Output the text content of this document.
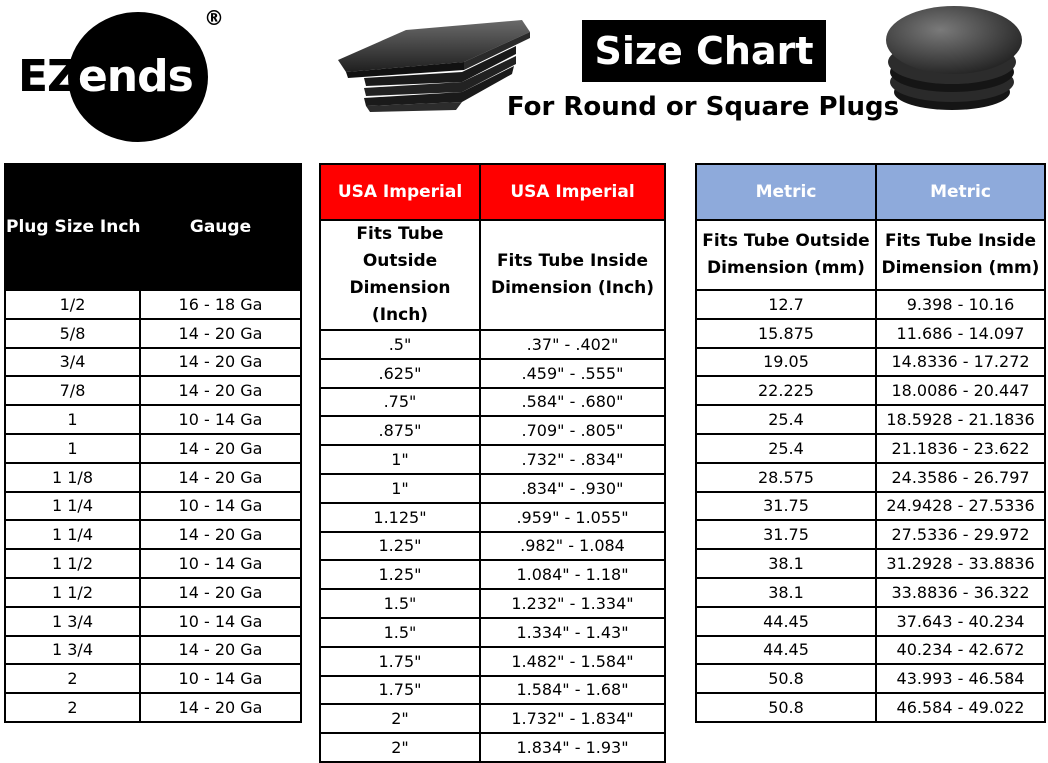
EZends
®
Size Chart
For Round or Square Plugs
Plug Size Inch	Gauge
1/2	16 - 18 Ga
5/8	14 - 20 Ga
3/4	14 - 20 Ga
7/8	14 - 20 Ga
1	10 - 14 Ga
1	14 - 20 Ga
1 1/8	14 - 20 Ga
1 1/4	10 - 14 Ga
1 1/4	14 - 20 Ga
1 1/2	10 - 14 Ga
1 1/2	14 - 20 Ga
1 3/4	10 - 14 Ga
1 3/4	14 - 20 Ga
2	10 - 14 Ga
2	14 - 20 Ga
USA Imperial	USA Imperial
Fits Tube Outside Dimension (Inch)	Fits Tube Inside Dimension (Inch)
.5"	.37" - .402"
.625"	.459" - .555"
.75"	.584" - .680"
.875"	.709" - .805"
1"	.732" - .834"
1"	.834" - .930"
1.125"	.959" - 1.055"
1.25"	.982" - 1.084
1.25"	1.084" - 1.18"
1.5"	1.232" - 1.334"
1.5"	1.334" - 1.43"
1.75"	1.482" - 1.584"
1.75"	1.584" - 1.68"
2"	1.732" - 1.834"
2"	1.834" - 1.93"
Metric	Metric
Fits Tube Outside Dimension (mm)	Fits Tube Inside Dimension (mm)
12.7	9.398 - 10.16
15.875	11.686 - 14.097
19.05	14.8336 - 17.272
22.225	18.0086 - 20.447
25.4	18.5928 - 21.1836
25.4	21.1836 - 23.622
28.575	24.3586 - 26.797
31.75	24.9428 - 27.5336
31.75	27.5336 - 29.972
38.1	31.2928 - 33.8836
38.1	33.8836 - 36.322
44.45	37.643 - 40.234
44.45	40.234 - 42.672
50.8	43.993 - 46.584
50.8	46.584 - 49.022
